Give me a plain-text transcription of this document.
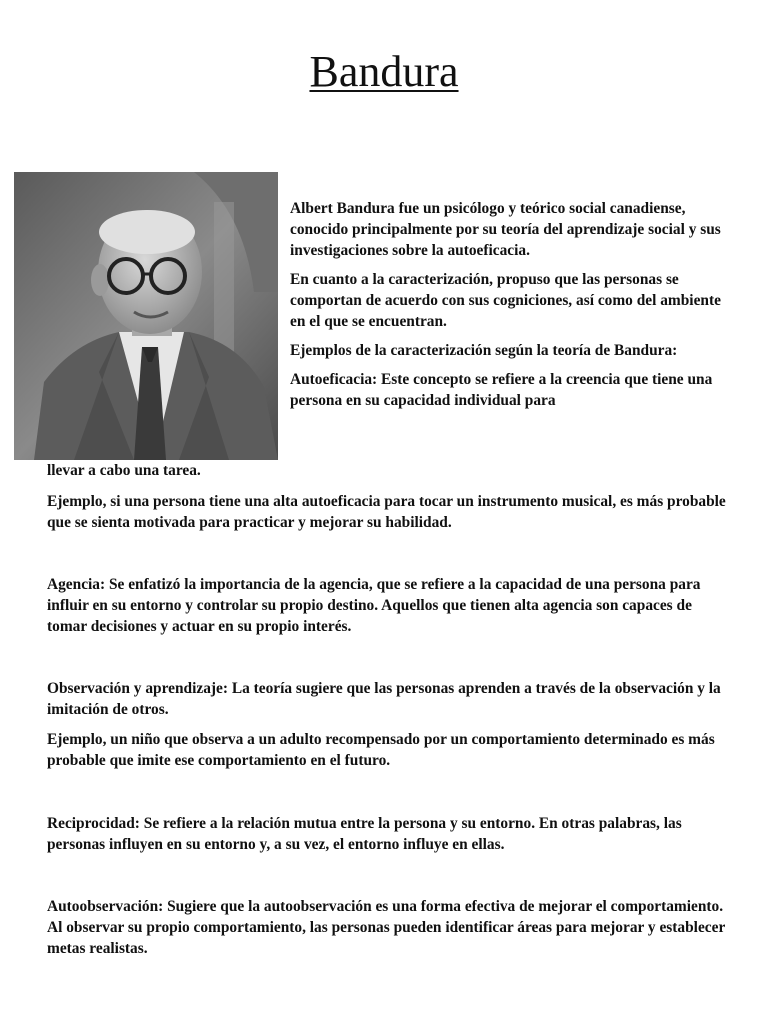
Bandura

Albert Bandura fue un psicólogo y teórico social canadiense, conocido principalmente por su teoría del aprendizaje social y sus investigaciones sobre la autoeficacia.

En cuanto a la caracterización, propuso que las personas se comportan de acuerdo con sus cogniciones, así como del ambiente en el que se encuentran.

Ejemplos de la caracterización según la teoría de Bandura:

Autoeficacia: Este concepto se refiere a la creencia que tiene una persona en su capacidad individual para

llevar a cabo una tarea.

Ejemplo, si una persona tiene una alta autoeficacia para tocar un instrumento musical, es más probable que se sienta motivada para practicar y mejorar su habilidad.

Agencia: Se enfatizó la importancia de la agencia, que se refiere a la capacidad de una persona para influir en su entorno y controlar su propio destino. Aquellos que tienen alta agencia son capaces de tomar decisiones y actuar en su propio interés.

Observación y aprendizaje: La teoría sugiere que las personas aprenden a través de la observación y la imitación de otros.

Ejemplo, un niño que observa a un adulto recompensado por un comportamiento determinado es más probable que imite ese comportamiento en el futuro.

Reciprocidad: Se refiere a la relación mutua entre la persona y su entorno. En otras palabras, las personas influyen en su entorno y, a su vez, el entorno influye en ellas.

Autoobservación: Sugiere que la autoobservación es una forma efectiva de mejorar el comportamiento. Al observar su propio comportamiento, las personas pueden identificar áreas para mejorar y establecer metas realistas.
